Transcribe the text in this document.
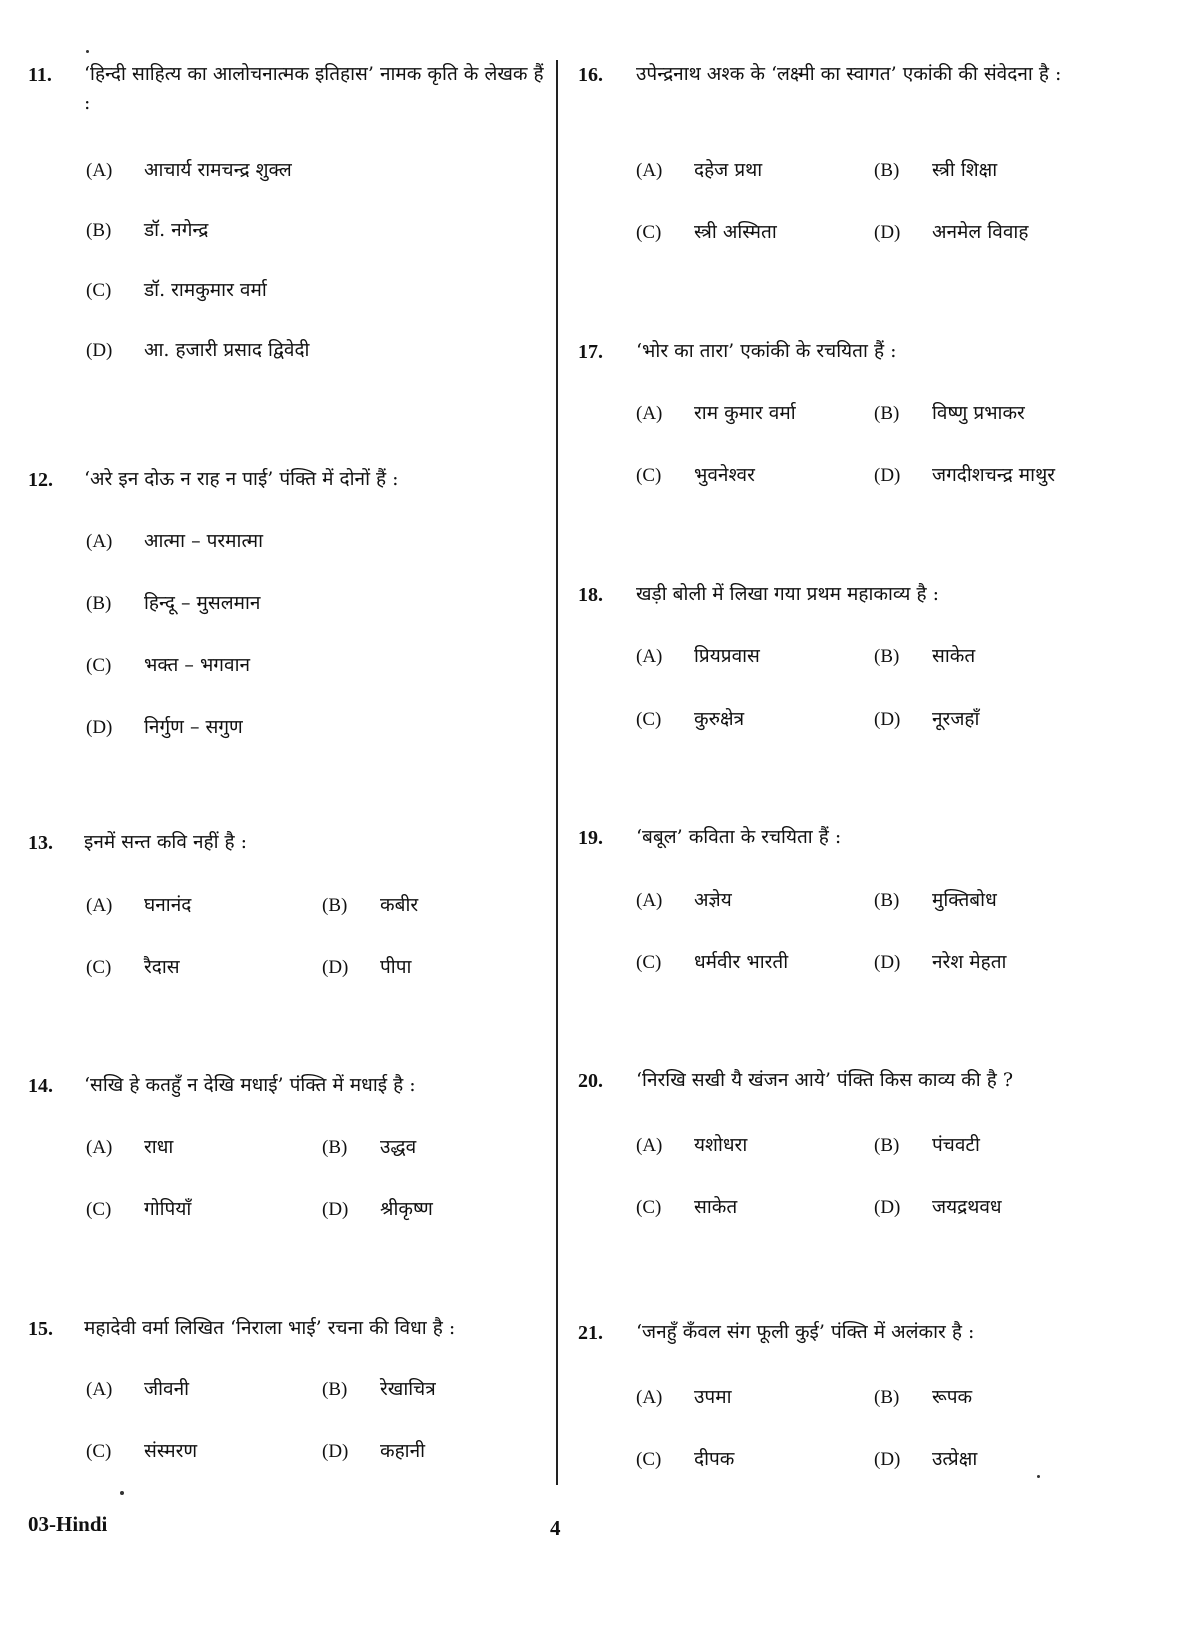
11. ‘हिन्दी साहित्य का आलोचनात्मक इतिहास’ नामक कृति के लेखक हैं :
(A) आचार्य रामचन्द्र शुक्ल
(B) डॉ. नगेन्द्र
(C) डॉ. रामकुमार वर्मा
(D) आ. हजारी प्रसाद द्विवेदी
12. ‘अरे इन दोऊ न राह न पाई’ पंक्ति में दोनों हैं :
(A) आत्मा – परमात्मा
(B) हिन्दू – मुसलमान
(C) भक्त – भगवान
(D) निर्गुण – सगुण
13. इनमें सन्त कवि नहीं है :
(A) घनानंद	(B) कबीर
(C) रैदास	(D) पीपा
14. ‘सखि हे कतहुँ न देखि मधाई’ पंक्ति में मधाई है :
(A) राधा	(B) उद्धव
(C) गोपियाँ	(D) श्रीकृष्ण
15. महादेवी वर्मा लिखित ‘निराला भाई’ रचना की विधा है :
(A) जीवनी	(B) रेखाचित्र
(C) संस्मरण	(D) कहानी
16. उपेन्द्रनाथ अश्क के ‘लक्ष्मी का स्वागत’ एकांकी की संवेदना है :
(A) दहेज प्रथा	(B) स्त्री शिक्षा
(C) स्त्री अस्मिता	(D) अनमेल विवाह
17. ‘भोर का तारा’ एकांकी के रचयिता हैं :
(A) राम कुमार वर्मा	(B) विष्णु प्रभाकर
(C) भुवनेश्वर	(D) जगदीशचन्द्र माथुर
18. खड़ी बोली में लिखा गया प्रथम महाकाव्य है :
(A) प्रियप्रवास	(B) साकेत
(C) कुरुक्षेत्र	(D) नूरजहाँ
19. ‘बबूल’ कविता के रचयिता हैं :
(A) अज्ञेय	(B) मुक्तिबोध
(C) धर्मवीर भारती	(D) नरेश मेहता
20. ‘निरखि सखी यै खंजन आये’ पंक्ति किस काव्य की है ?
(A) यशोधरा	(B) पंचवटी
(C) साकेत	(D) जयद्रथवध
21. ‘जनहुँ कँवल संग फूली कुई’ पंक्ति में अलंकार है :
(A) उपमा	(B) रूपक
(C) दीपक	(D) उत्प्रेक्षा
03-Hindi	4
